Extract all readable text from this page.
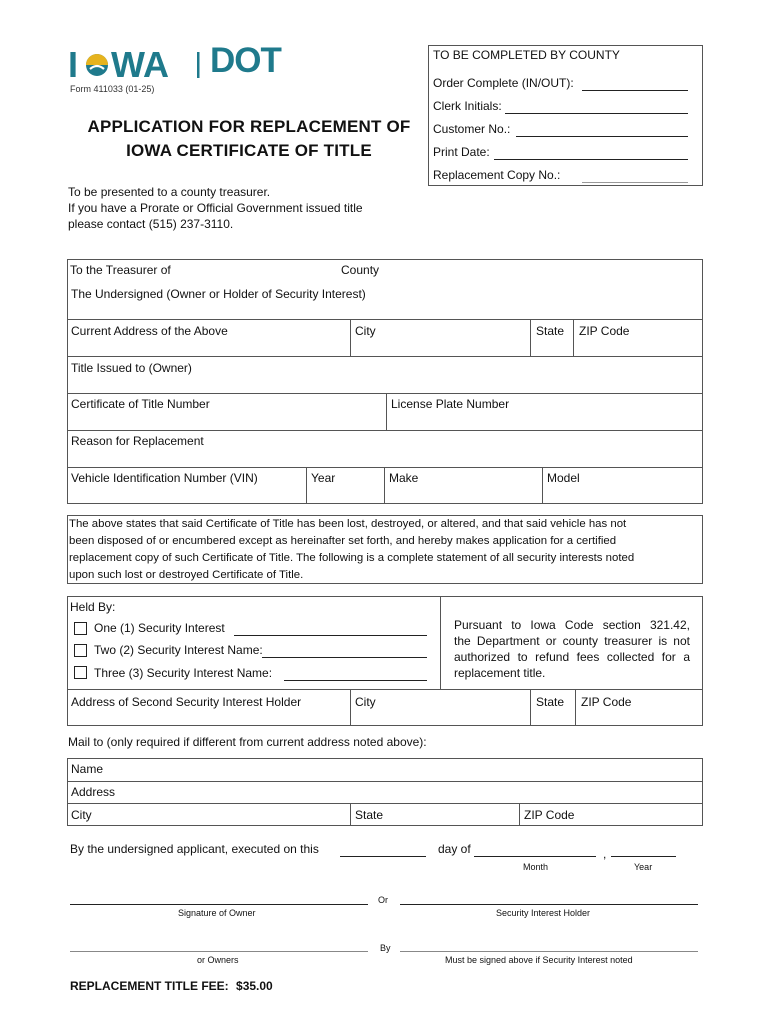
I WA DOT
Form 411033 (01-25)
APPLICATION FOR REPLACEMENT OF
IOWA CERTIFICATE OF TITLE
To be presented to a county treasurer.
If you have a Prorate or Official Government issued title
please contact (515) 237-3110.
TO BE COMPLETED BY COUNTY
Order Complete (IN/OUT):
Clerk Initials:
Customer No.:
Print Date:
Replacement Copy No.:
To the Treasurer of	County
The Undersigned (Owner or Holder of Security Interest)
Current Address of the Above	City	State ZIP Code
Title Issued to (Owner)
Certificate of Title Number	License Plate Number
Reason for Replacement
Vehicle Identification Number (VIN)	Year	Make	Model
The above states that said Certificate of Title has been lost, destroyed, or altered, and that said vehicle has not
been disposed of or encumbered except as hereinafter set forth, and hereby makes application for a certified
replacement copy of such Certificate of Title. The following is a complete statement of all security interests noted
upon such lost or destroyed Certificate of Title.
Held By:
One (1) Security Interest
Two (2) Security Interest Name:
Three (3) Security Interest Name:
Pursuant to Iowa Code section 321.42,
the Department or county treasurer is not
authorized to refund fees collected for a
replacement title.
Address of Second Security Interest Holder	City	State ZIP Code
Mail to (only required if different from current address noted above):
Name
Address
City	State	ZIP Code
By the undersigned applicant, executed on this	day of	,
Month	Year
Or
Signature of Owner	Security Interest Holder
By
or Owners	Must be signed above if Security Interest noted
REPLACEMENT TITLE FEE: $35.00
